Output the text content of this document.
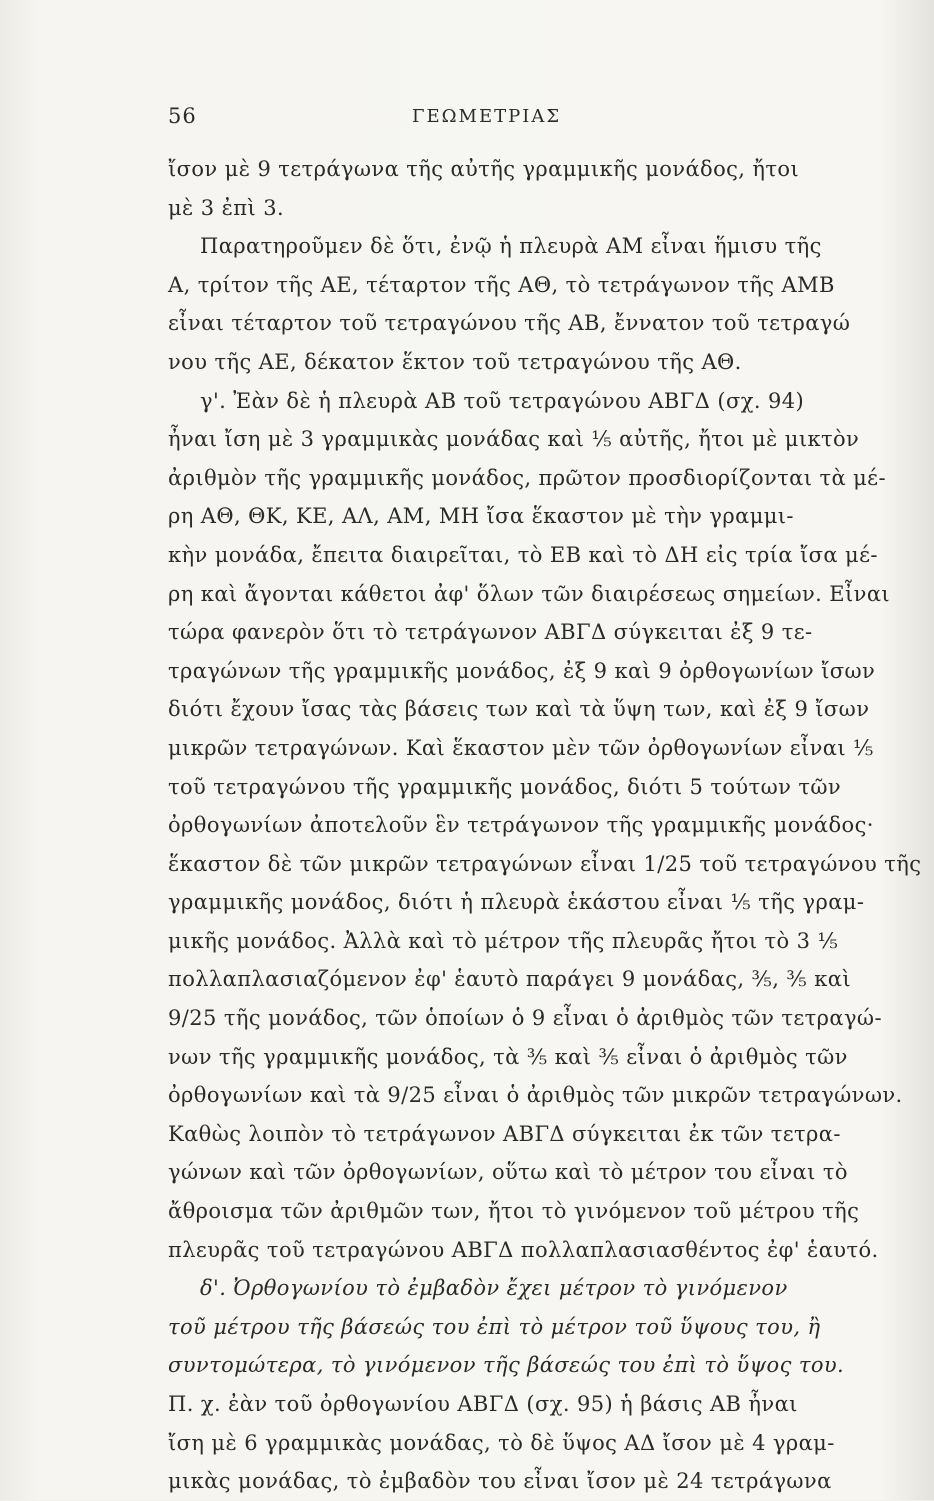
56	ΓΕΩΜΕΤΡΙΑΣ
ἴσον μὲ 9 τετράγωνα τῆς αὐτῆς γραμμικῆς μονάδος, ἤτοι
μὲ 3 ἐπὶ 3.
Παρατηροῦμεν δὲ ὅτι, ἐνῷ ἡ πλευρὰ ΑΜ εἶναι ἥμισυ τῆς
Α, τρίτον τῆς ΑΕ, τέταρτον τῆς ΑΘ, τὸ τετράγωνον τῆς ΑΜΒ
εἶναι τέταρτον τοῦ τετραγώνου τῆς ΑΒ, ἔννατον τοῦ τετραγώ
νου τῆς ΑΕ, δέκατον ἕκτον τοῦ τετραγώνου τῆς ΑΘ.
γ'. Ἐὰν δὲ ἡ πλευρὰ ΑΒ τοῦ τετραγώνου ΑΒΓΔ (σχ. 94)
ἦναι ἴση μὲ 3 γραμμικὰς μονάδας καὶ ⅕ αὐτῆς, ἤτοι μὲ μικτὸν
ἀριθμὸν τῆς γραμμικῆς μονάδος, πρῶτον προσδιορίζονται τὰ μέ-
ρη ΑΘ, ΘΚ, ΚΕ, ΑΛ, ΑΜ, ΜΗ ἴσα ἕκαστον μὲ τὴν γραμμι-
κὴν μονάδα, ἔπειτα διαιρεῖται, τὸ ΕΒ καὶ τὸ ΔΗ εἰς τρία ἴσα μέ-
ρη καὶ ἄγονται κάθετοι ἀφ' ὅλων τῶν διαιρέσεως σημείων. Εἶναι
τώρα φανερὸν ὅτι τὸ τετράγωνον ΑΒΓΔ σύγκειται ἐξ 9 τε-
τραγώνων τῆς γραμμικῆς μονάδος, ἐξ 9 καὶ 9 ὀρθογωνίων ἴσων
διότι ἔχουν ἴσας τὰς βάσεις των καὶ τὰ ὕψη των, καὶ ἐξ 9 ἴσων
μικρῶν τετραγώνων. Καὶ ἕκαστον μὲν τῶν ὀρθογωνίων εἶναι ⅕
τοῦ τετραγώνου τῆς γραμμικῆς μονάδος, διότι 5 τούτων τῶν
ὀρθογωνίων ἀποτελοῦν ἓν τετράγωνον τῆς γραμμικῆς μονάδος·
ἕκαστον δὲ τῶν μικρῶν τετραγώνων εἶναι 1/25 τοῦ τετραγώνου τῆς
γραμμικῆς μονάδος, διότι ἡ πλευρὰ ἑκάστου εἶναι ⅕ τῆς γραμ-
μικῆς μονάδος. Ἀλλὰ καὶ τὸ μέτρον τῆς πλευρᾶς ἤτοι τὸ 3 ⅕
πολλαπλασιαζόμενον ἐφ' ἑαυτὸ παράγει 9 μονάδας, ⅗, ⅗ καὶ
9/25 τῆς μονάδος, τῶν ὁποίων ὁ 9 εἶναι ὁ ἀριθμὸς τῶν τετραγώ-
νων τῆς γραμμικῆς μονάδος, τὰ ⅗ καὶ ⅗ εἶναι ὁ ἀριθμὸς τῶν
ὀρθογωνίων καὶ τὰ 9/25 εἶναι ὁ ἀριθμὸς τῶν μικρῶν τετραγώνων.
Καθὼς λοιπὸν τὸ τετράγωνον ΑΒΓΔ σύγκειται ἐκ τῶν τετρα-
γώνων καὶ τῶν ὀρθογωνίων, οὕτω καὶ τὸ μέτρον του εἶναι τὸ
ἄθροισμα τῶν ἀριθμῶν των, ἤτοι τὸ γινόμενον τοῦ μέτρου τῆς
πλευρᾶς τοῦ τετραγώνου ΑΒΓΔ πολλαπλασιασθέντος ἐφ' ἑαυτό.
δ'. Ὀρθογωνίου τὸ ἐμβαδὸν ἔχει μέτρον τὸ γινόμενον
τοῦ μέτρου τῆς βάσεώς του ἐπὶ τὸ μέτρον τοῦ ὕψους του, ἢ
συντομώτερα, τὸ γινόμενον τῆς βάσεώς του ἐπὶ τὸ ὕψος του.
Π. χ. ἐὰν τοῦ ὀρθογωνίου ΑΒΓΔ (σχ. 95) ἡ βάσις ΑΒ ἦναι
ἴση μὲ 6 γραμμικὰς μονάδας, τὸ δὲ ὕψος ΑΔ ἴσον μὲ 4 γραμ-
μικὰς μονάδας, τὸ ἐμβαδὸν του εἶναι ἴσον μὲ 24 τετράγωνα
